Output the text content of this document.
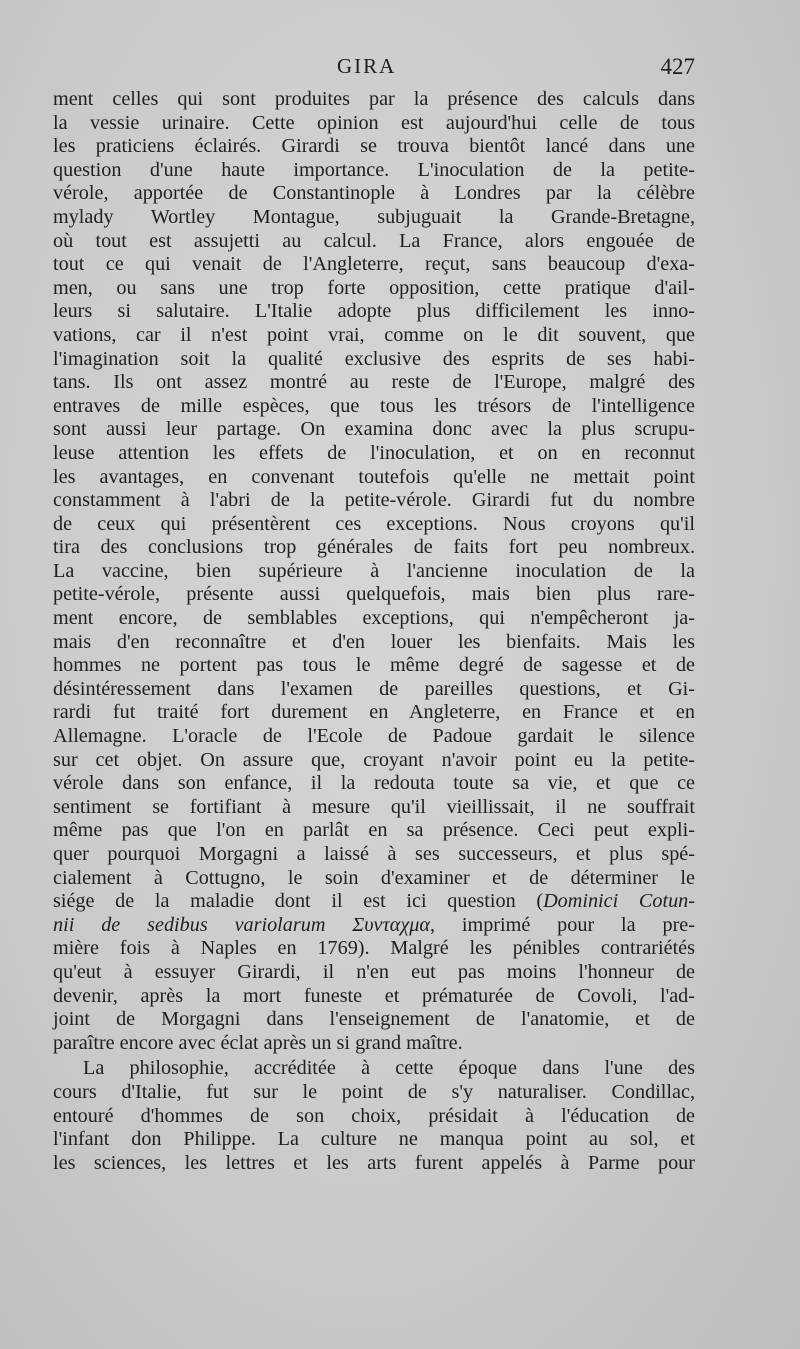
GIRA	427
ment celles qui sont produites par la présence des calculs dans
la vessie urinaire. Cette opinion est aujourd'hui celle de tous
les praticiens éclairés. Girardi se trouva bientôt lancé dans une
question d'une haute importance. L'inoculation de la petite-
vérole, apportée de Constantinople à Londres par la célèbre
mylady Wortley Montague, subjuguait la Grande-Bretagne,
où tout est assujetti au calcul. La France, alors engouée de
tout ce qui venait de l'Angleterre, reçut, sans beaucoup d'exa-
men, ou sans une trop forte opposition, cette pratique d'ail-
leurs si salutaire. L'Italie adopte plus difficilement les inno-
vations, car il n'est point vrai, comme on le dit souvent, que
l'imagination soit la qualité exclusive des esprits de ses habi-
tans. Ils ont assez montré au reste de l'Europe, malgré des
entraves de mille espèces, que tous les trésors de l'intelligence
sont aussi leur partage. On examina donc avec la plus scrupu-
leuse attention les effets de l'inoculation, et on en reconnut
les avantages, en convenant toutefois qu'elle ne mettait point
constamment à l'abri de la petite-vérole. Girardi fut du nombre
de ceux qui présentèrent ces exceptions. Nous croyons qu'il
tira des conclusions trop générales de faits fort peu nombreux.
La vaccine, bien supérieure à l'ancienne inoculation de la
petite-vérole, présente aussi quelquefois, mais bien plus rare-
ment encore, de semblables exceptions, qui n'empêcheront ja-
mais d'en reconnaître et d'en louer les bienfaits. Mais les
hommes ne portent pas tous le même degré de sagesse et de
désintéressement dans l'examen de pareilles questions, et Gi-
rardi fut traité fort durement en Angleterre, en France et en
Allemagne. L'oracle de l'Ecole de Padoue gardait le silence
sur cet objet. On assure que, croyant n'avoir point eu la petite-
vérole dans son enfance, il la redouta toute sa vie, et que ce
sentiment se fortifiant à mesure qu'il vieillissait, il ne souffrait
même pas que l'on en parlât en sa présence. Ceci peut expli-
quer pourquoi Morgagni a laissé à ses successeurs, et plus spé-
cialement à Cottugno, le soin d'examiner et de déterminer le
siége de la maladie dont il est ici question (Dominici Cotun-
nii de sedibus variolarum Συνταχμα, imprimé pour la pre-
mière fois à Naples en 1769). Malgré les pénibles contrariétés
qu'eut à essuyer Girardi, il n'en eut pas moins l'honneur de
devenir, après la mort funeste et prématurée de Covoli, l'ad-
joint de Morgagni dans l'enseignement de l'anatomie, et de
paraître encore avec éclat après un si grand maître.
La philosophie, accréditée à cette époque dans l'une des
cours d'Italie, fut sur le point de s'y naturaliser. Condillac,
entouré d'hommes de son choix, présidait à l'éducation de
l'infant don Philippe. La culture ne manqua point au sol, et
les sciences, les lettres et les arts furent appelés à Parme pour
